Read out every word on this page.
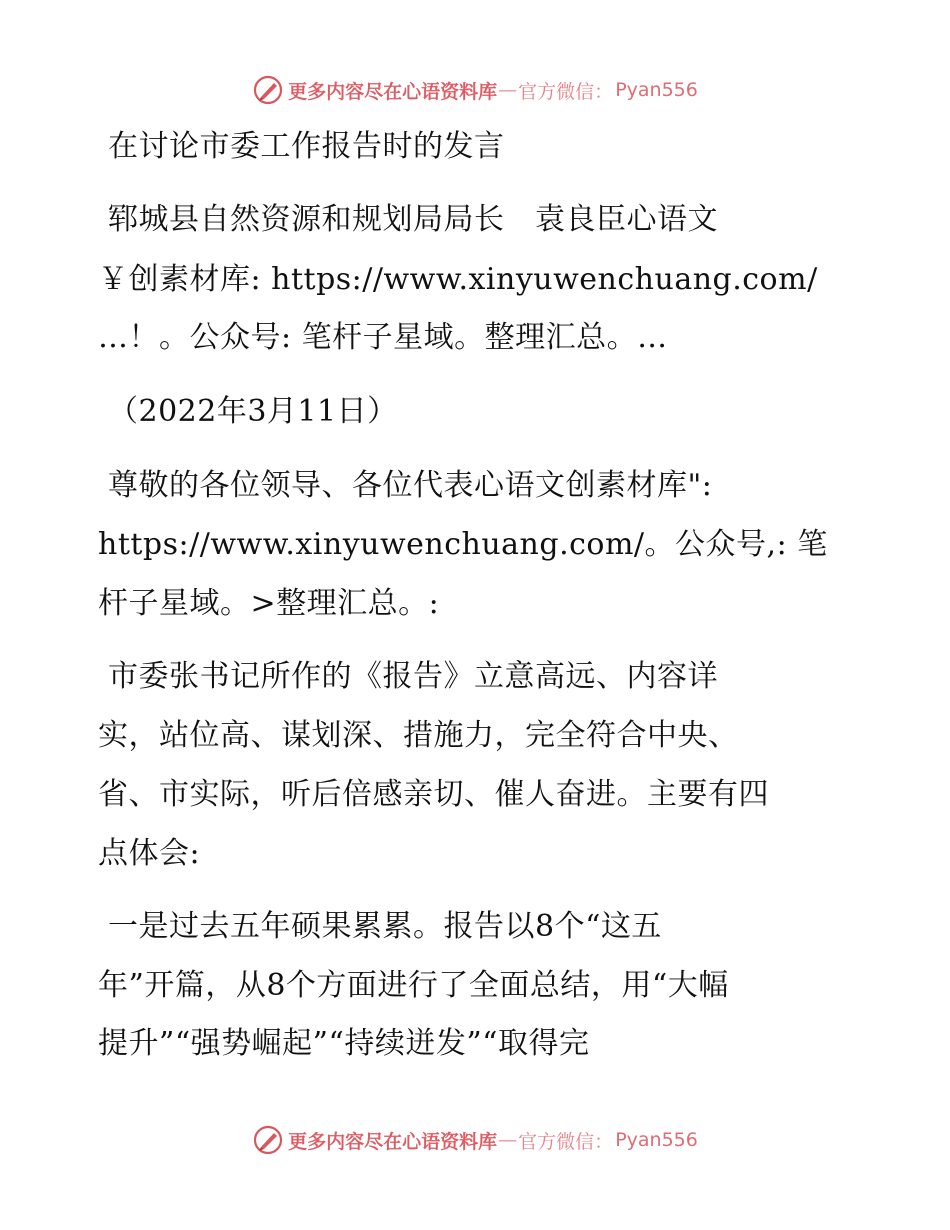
更多内容尽在心语资料库 — 官方微信： Pyan556
在讨论市委工作报告时的发言
郓城县自然资源和规划局局长　袁良臣心语文
￥创素材库: https://www.xinyuwenchuang.com/
…！。公众号: 笔杆子星域。整理汇总。…
（2022年3月11日）
尊敬的各位领导、各位代表心语文创素材库":
https://www.xinyuwenchuang.com/。公众号,: 笔
杆子星域。>整理汇总。:
市委张书记所作的《报告》立意高远、内容详
实，站位高、谋划深、措施力，完全符合中央、
省、市实际，听后倍感亲切、催人奋进。主要有四
点体会:
一是过去五年硕果累累。报告以8个“这五
年”开篇，从8个方面进行了全面总结，用“大幅
提升”“强势崛起”“持续迸发”“取得完
更多内容尽在心语资料库 — 官方微信： Pyan556
